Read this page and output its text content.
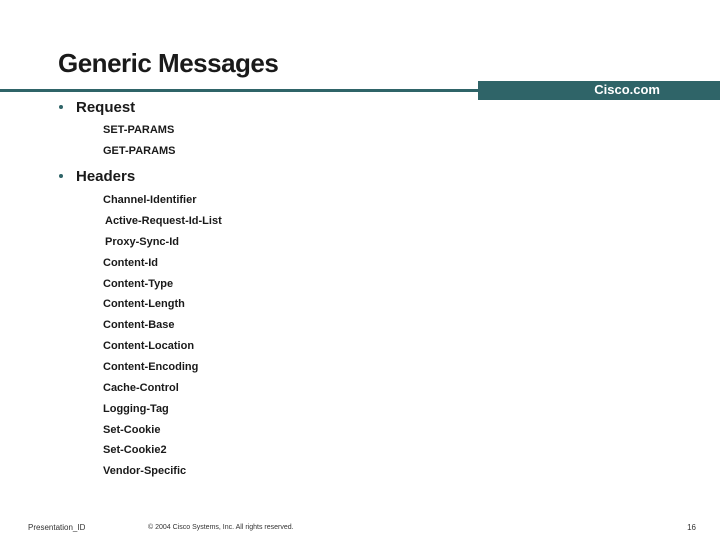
Generic Messages
Cisco.com
Request
SET-PARAMS
GET-PARAMS
Headers
Channel-Identifier
Active-Request-Id-List
Proxy-Sync-Id
Content-Id
Content-Type
Content-Length
Content-Base
Content-Location
Content-Encoding
Cache-Control
Logging-Tag
Set-Cookie
Set-Cookie2
Vendor-Specific
Presentation_ID	© 2004 Cisco Systems, Inc. All rights reserved.	16
